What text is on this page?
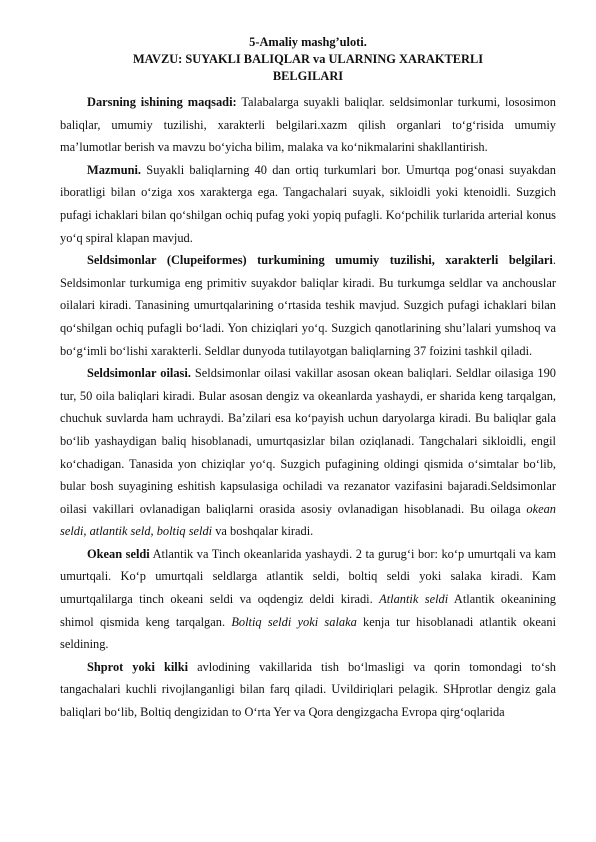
5-Amaliy mashg’uloti.
MAVZU: SUYAKLI BALIQLAR va ULARNING XARAKTERLI
BELGILARI

Darsning ishining maqsadi: Talabalarga suyakli baliqlar. seldsimonlar turkumi, lososimon baliqlar, umumiy tuzilishi, xarakterli belgilari.xazm qilish organlari to‘g‘risida umumiy ma’lumotlar berish va mavzu bo‘yicha bilim, malaka va ko‘nikmalarini shakllantirish.

Mazmuni. Suyakli baliqlarning 40 dan ortiq turkumlari bor. Umurtqa pog‘onasi suyakdan iboratligi bilan o‘ziga xos xarakterga ega. Tangachalari suyak, sikloidli yoki ktenoidli. Suzgich pufagi ichaklari bilan qo‘shilgan ochiq pufag yoki yopiq pufagli. Ko‘pchilik turlarida arterial konus yo‘q spiral klapan mavjud.

Seldsimonlar (Clupeiformes) turkumining umumiy tuzilishi, xarakterli belgilari. Seldsimonlar turkumiga eng primitiv suyakdor baliqlar kiradi. Bu turkumga seldlar va anchouslar oilalari kiradi. Tanasining umurtqalarining o‘rtasida teshik mavjud. Suzgich pufagi ichaklari bilan qo‘shilgan ochiq pufagli bo‘ladi. Yon chiziqlari yo‘q. Suzgich qanotlarining shu’lalari yumshoq va bo‘g‘imli bo‘lishi xarakterli. Seldlar dunyoda tutilayotgan baliqlarning 37 foizini tashkil qiladi.

Seldsimonlar oilasi. Seldsimonlar oilasi vakillar asosan okean baliqlari. Seldlar oilasiga 190 tur, 50 oila baliqlari kiradi. Bular asosan dengiz va okeanlarda yashaydi, er sharida keng tarqalgan, chuchuk suvlarda ham uchraydi. Ba’zilari esa ko‘payish uchun daryolarga kiradi. Bu baliqlar gala bo‘lib yashaydigan baliq hisoblanadi, umurtqasizlar bilan oziqlanadi. Tangchalari sikloidli, engil ko‘chadigan. Tanasida yon chiziqlar yo‘q. Suzgich pufagining oldingi qismida o‘simtalar bo‘lib, bular bosh suyagining eshitish kapsulasiga ochiladi va rezanator vazifasini bajaradi.Seldsimonlar oilasi vakillari ovlanadigan baliqlarni orasida asosiy ovlanadigan hisoblanadi. Bu oilaga okean seldi, atlantik seld, boltiq seldi va boshqalar kiradi.

Okean seldi Atlantik va Tinch okeanlarida yashaydi. 2 ta gurug‘i bor: ko‘p umurtqali va kam umurtqali. Ko‘p umurtqali seldlarga atlantik seldi, boltiq seldi yoki salaka kiradi. Kam umurtqalilarga tinch okeani seldi va oqdengiz deldi kiradi. Atlantik seldi Atlantik okeanining shimol qismida keng tarqalgan. Boltiq seldi yoki salaka kenja tur hisoblanadi atlantik okeani seldining.

Shprot yoki kilki avlodining vakillarida tish bo‘lmasligi va qorin tomondagi to‘sh tangachalari kuchli rivojlanganligi bilan farq qiladi. Uvildiriqlari pelagik. SHprotlar dengiz gala baliqlari bo‘lib, Boltiq dengizidan to O‘rta Yer va Qora dengizgacha Evropa qirg‘oqlarida
